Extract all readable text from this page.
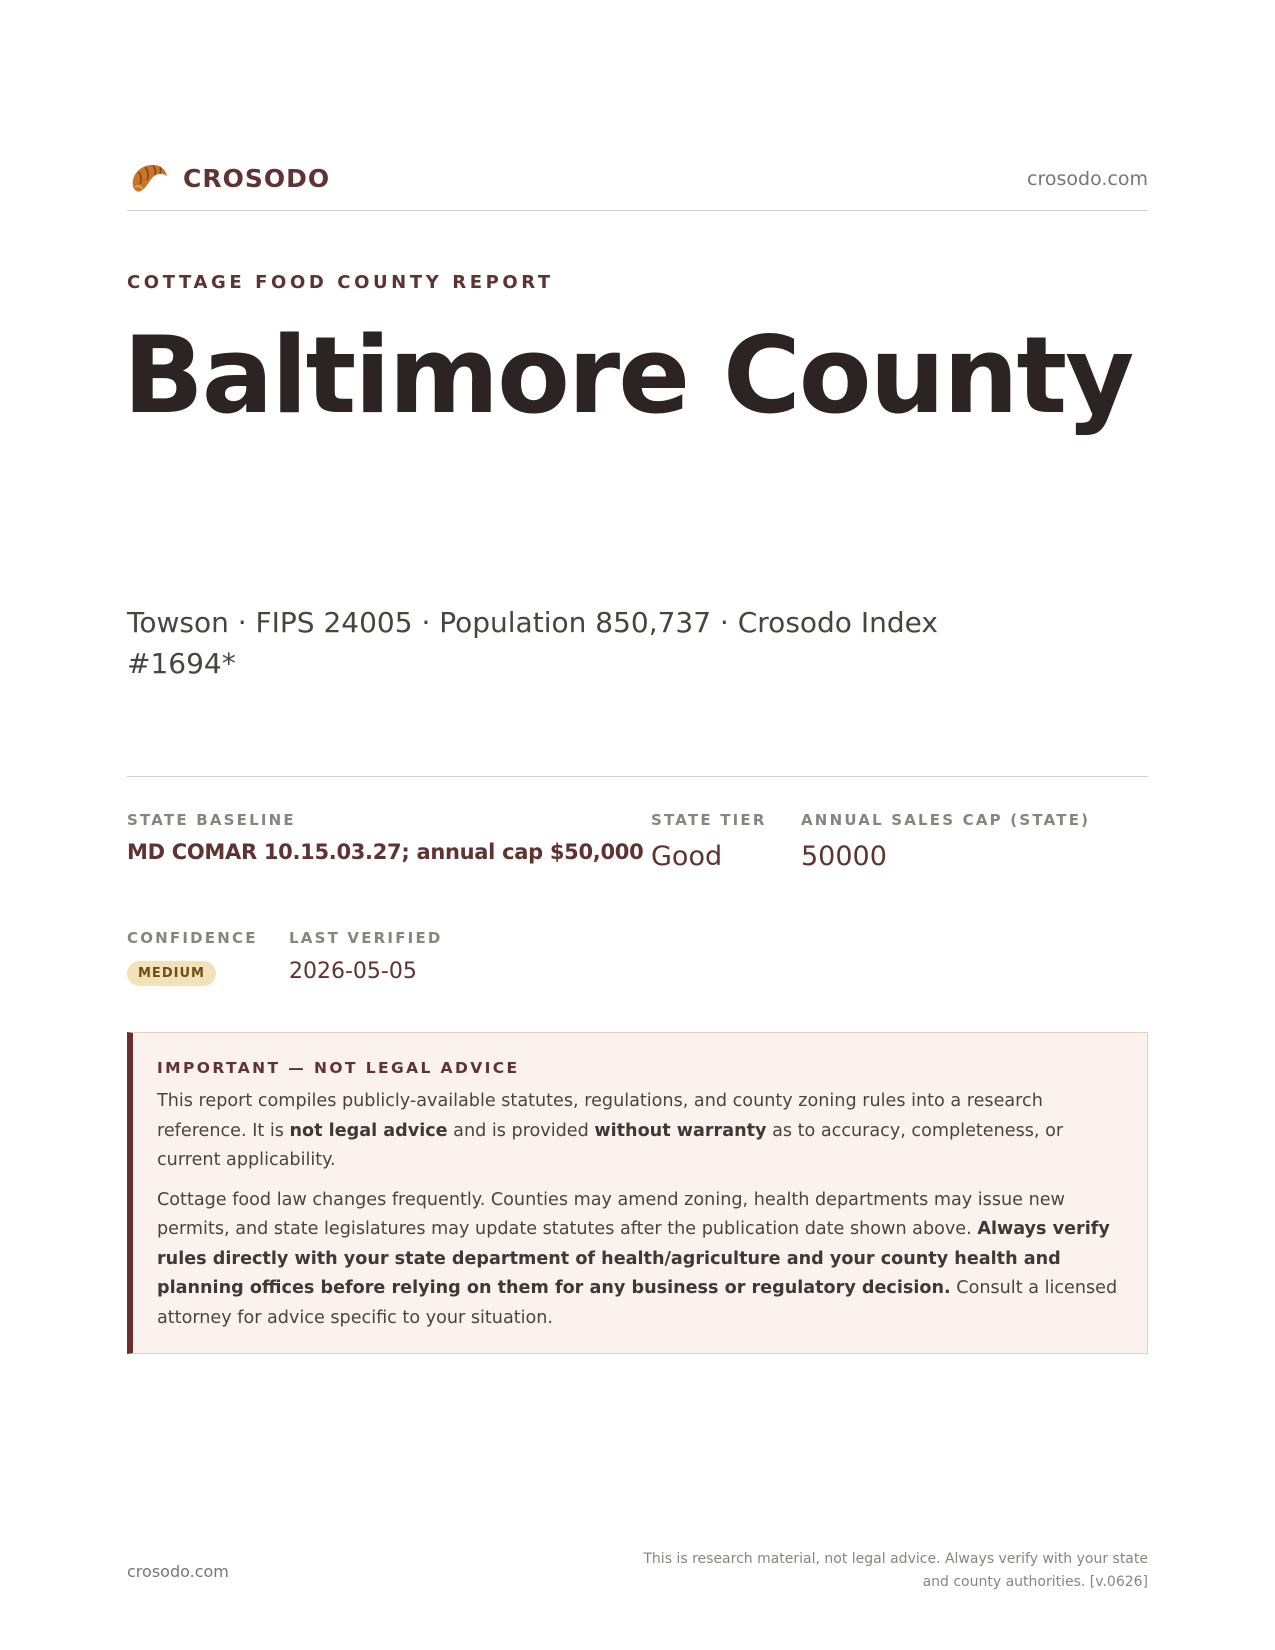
CROSODO	crosodo.com
COTTAGE FOOD COUNTY REPORT
Baltimore County
Towson · FIPS 24005 · Population 850,737 · Crosodo Index #1694*
STATE BASELINE
MD COMAR 10.15.03.27; annual cap $50,000
STATE TIER
Good
ANNUAL SALES CAP (STATE)
50000
CONFIDENCE
MEDIUM
LAST VERIFIED
2026-05-05
IMPORTANT — NOT LEGAL ADVICE

This report compiles publicly-available statutes, regulations, and county zoning rules into a research reference. It is not legal advice and is provided without warranty as to accuracy, completeness, or current applicability.

Cottage food law changes frequently. Counties may amend zoning, health departments may issue new permits, and state legislatures may update statutes after the publication date shown above. Always verify rules directly with your state department of health/agriculture and your county health and planning offices before relying on them for any business or regulatory decision. Consult a licensed attorney for advice specific to your situation.

crosodo.com
This is research material, not legal advice. Always verify with your state and county authorities. [v.0626]
